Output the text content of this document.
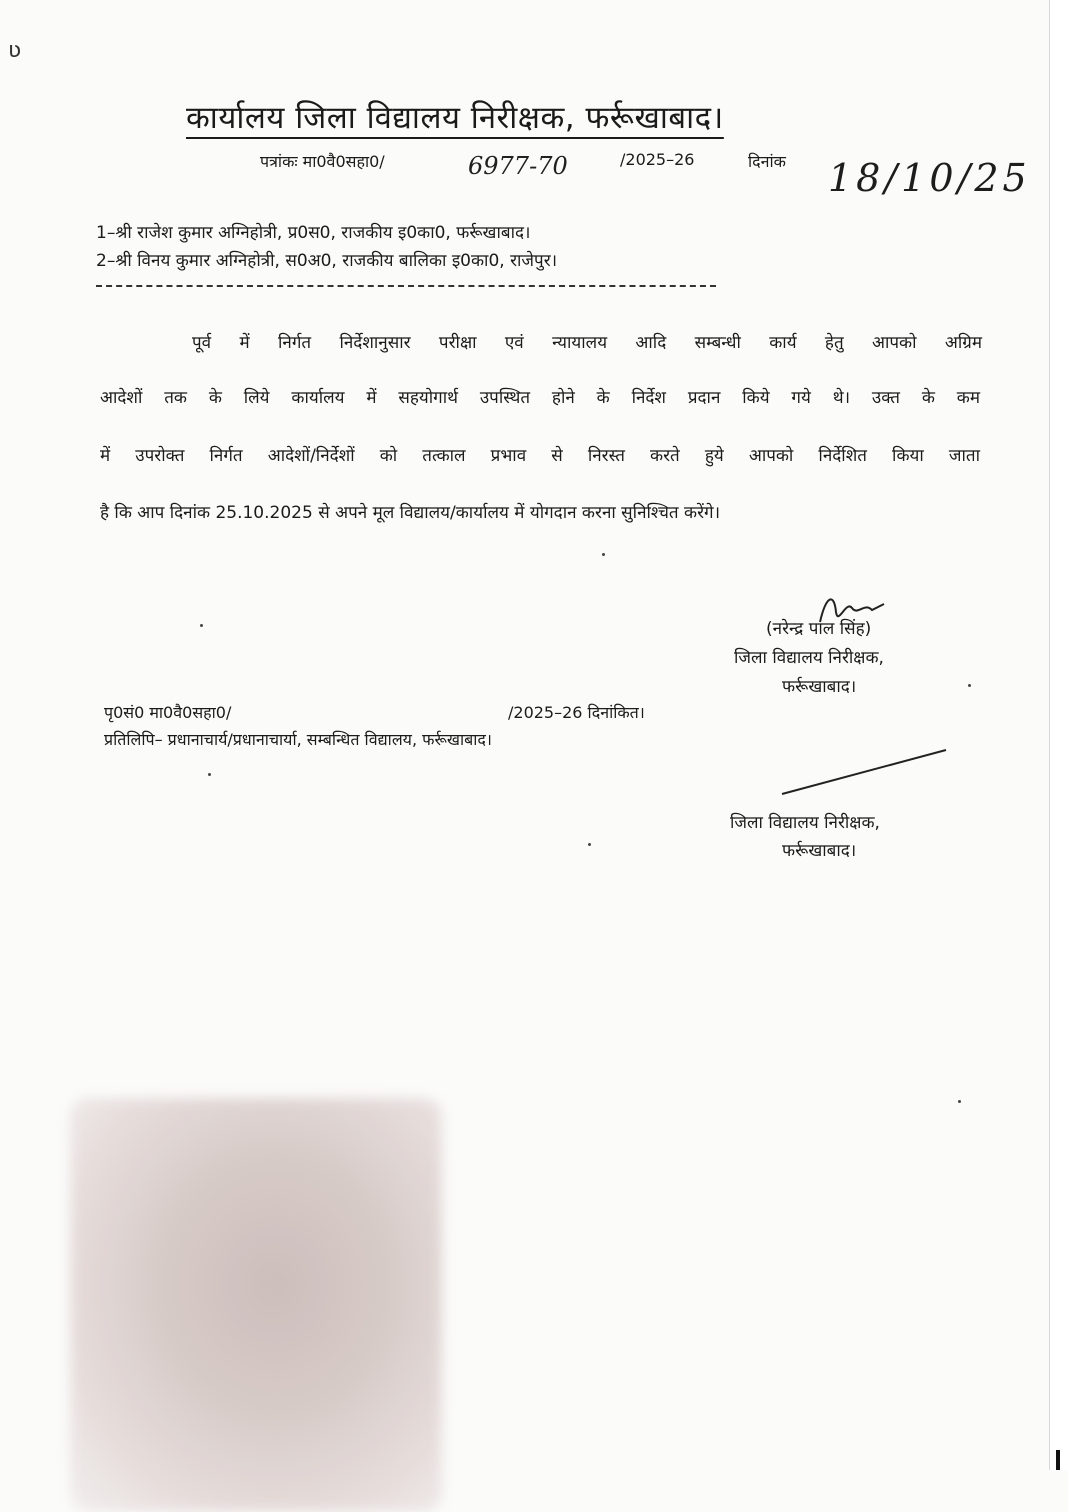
ʋ
कार्यालय जिला विद्यालय निरीक्षक, फर्रूखाबाद।
पत्रांकः मा0वै0सहा0/	6977-70	/2025–26	दिनांक 18/10/25
1–श्री राजेश कुमार अग्निहोत्री, प्र0स0, राजकीय इ0का0, फर्रूखाबाद।
2–श्री विनय कुमार अग्निहोत्री, स0अ0, राजकीय बालिका इ0का0, राजेपुर।
पूर्व में निर्गत निर्देशानुसार परीक्षा एवं न्यायालय आदि सम्बन्धी कार्य हेतु आपको अग्रिम
आदेशों तक के लिये कार्यालय में सहयोगार्थ उपस्थित होने के निर्देश प्रदान किये गये थे। उक्त के कम
में उपरोक्त निर्गत आदेशों/निर्देशों को तत्काल प्रभाव से निरस्त करते हुये आपको निर्देशित किया जाता
है कि आप दिनांक 25.10.2025 से अपने मूल विद्यालय/कार्यालय में योगदान करना सुनिश्चित करेंगे।
(नरेन्द्र पाल सिंह)
जिला विद्यालय निरीक्षक,
फर्रूखाबाद।
पृ0सं0 मा0वै0सहा0/	/2025–26 दिनांकित।
प्रतिलिपि– प्रधानाचार्य/प्रधानाचार्या, सम्बन्धित विद्यालय, फर्रूखाबाद।
जिला विद्यालय निरीक्षक,
फर्रूखाबाद।
